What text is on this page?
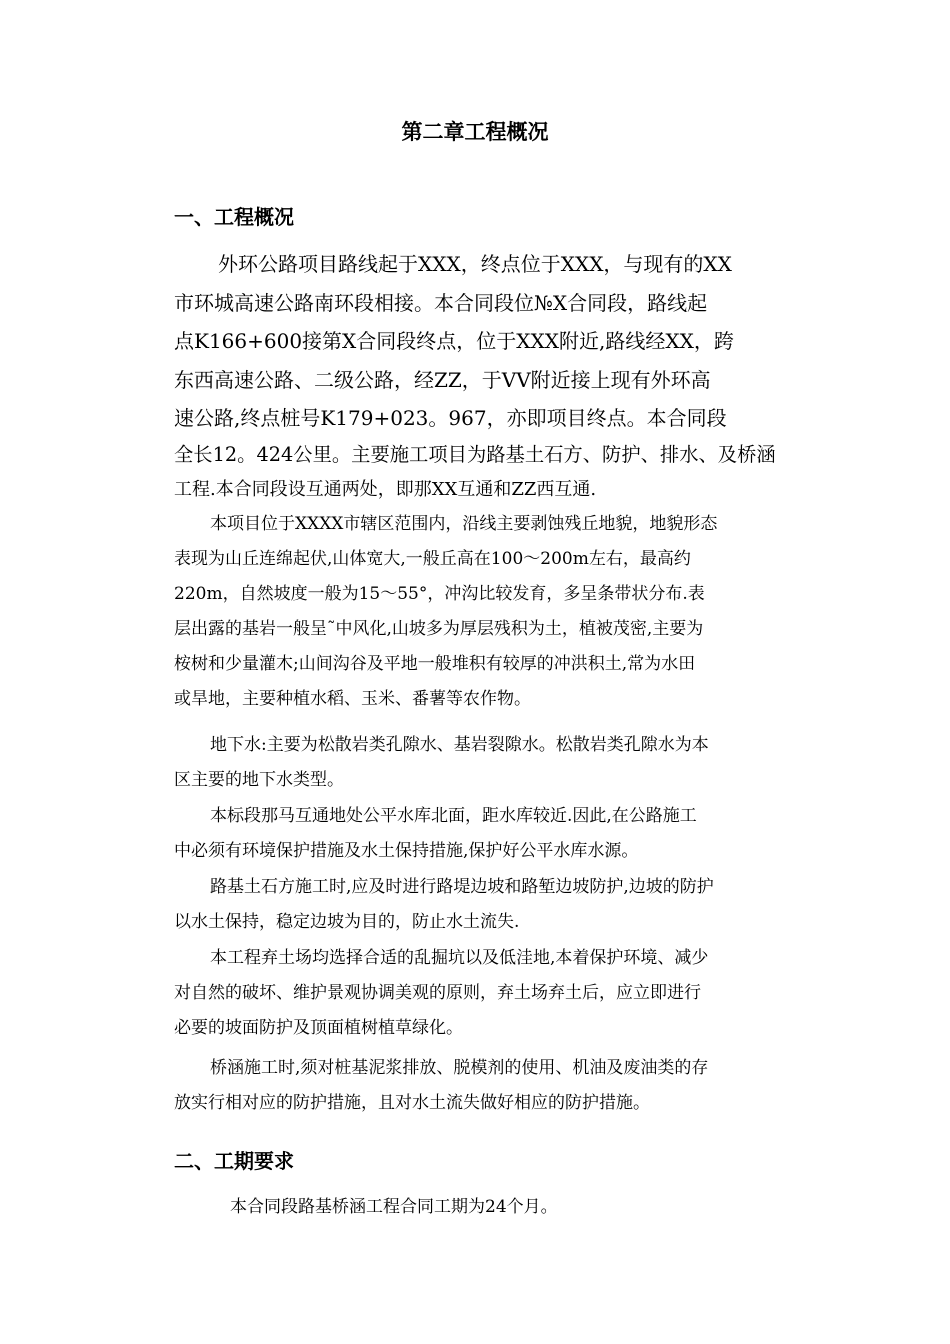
第二章工程概况
一、工程概况
外环公路项目路线起于XXX，终点位于XXX，与现有的XX
市环城高速公路南环段相接。本合同段位№X合同段，路线起
点K166+600接第X合同段终点，位于XXX附近,路线经XX，跨
东西高速公路、二级公路，经ZZ，于VV附近接上现有外环高
速公路,终点桩号K179+023。967，亦即项目终点。本合同段
全长12。424公里。主要施工项目为路基土石方、防护、排水、及桥涵
工程.本合同段设互通两处，即那XX互通和ZZ西互通.
本项目位于XXXX市辖区范围内，沿线主要剥蚀残丘地貌，地貌形态
表现为山丘连绵起伏,山体宽大,一般丘高在100～200m左右，最高约
220m，自然坡度一般为15～55°，冲沟比较发育，多呈条带状分布.表
层出露的基岩一般呈˜中风化,山坡多为厚层残积为土，植被茂密,主要为
桉树和少量灌木;山间沟谷及平地一般堆积有较厚的冲洪积土,常为水田
或旱地，主要种植水稻、玉米、番薯等农作物。
地下水:主要为松散岩类孔隙水、基岩裂隙水。松散岩类孔隙水为本
区主要的地下水类型。
本标段那马互通地处公平水库北面，距水库较近.因此,在公路施工
中必须有环境保护措施及水土保持措施,保护好公平水库水源。
路基土石方施工时,应及时进行路堤边坡和路堑边坡防护,边坡的防护
以水土保持，稳定边坡为目的，防止水土流失.
本工程弃土场均选择合适的乱掘坑以及低洼地,本着保护环境、减少
对自然的破坏、维护景观协调美观的原则，弃土场弃土后，应立即进行
必要的坡面防护及顶面植树植草绿化。
桥涵施工时,须对桩基泥浆排放、脱模剂的使用、机油及废油类的存
放实行相对应的防护措施，且对水土流失做好相应的防护措施。
二、工期要求
本合同段路基桥涵工程合同工期为24个月。
